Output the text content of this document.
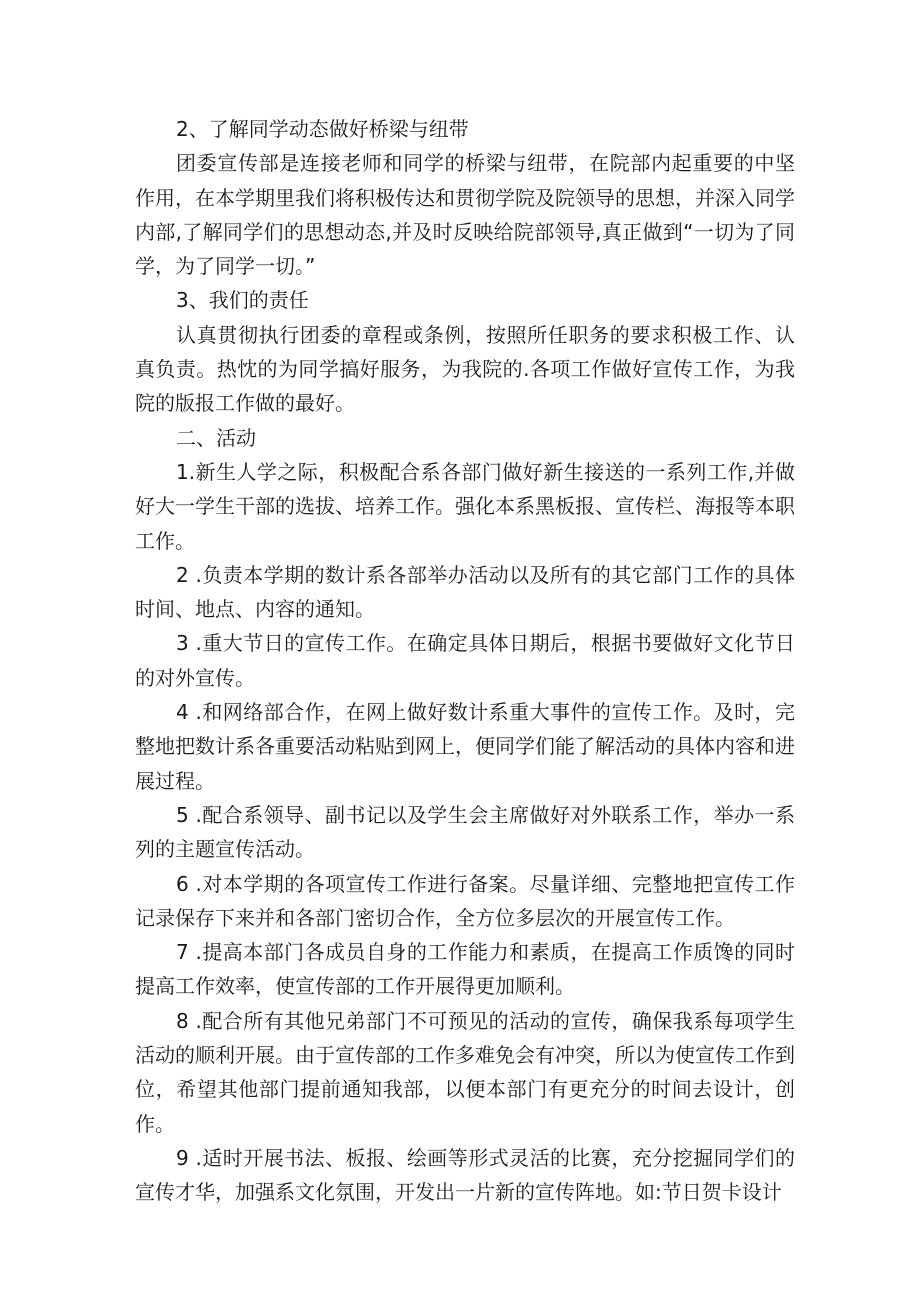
2、了解同学动态做好桥梁与纽带

团委宣传部是连接老师和同学的桥梁与纽带，在院部内起重要的中坚作用，在本学期里我们将积极传达和贯彻学院及院领导的思想，并深入同学内部,了解同学们的思想动态,并及时反映给院部领导,真正做到“一切为了同学，为了同学一切。”

3、我们的责任

认真贯彻执行团委的章程或条例，按照所任职务的要求积极工作、认真负责。热忱的为同学搞好服务，为我院的.各项工作做好宣传工作，为我院的版报工作做的最好。

二、活动

1.新生人学之际，积极配合系各部门做好新生接送的一系列工作,并做好大一学生干部的选拔、培养工作。强化本系黑板报、宣传栏、海报等本职工作。

2 .负责本学期的数计系各部举办活动以及所有的其它部门工作的具体时间、地点、内容的通知。

3 .重大节日的宣传工作。在确定具体日期后，根据书要做好文化节日的对外宣传。

4 .和网络部合作，在网上做好数计系重大事件的宣传工作。及时，完整地把数计系各重要活动粘贴到网上，便同学们能了解活动的具体内容和进展过程。

5 .配合系领导、副书记以及学生会主席做好对外联系工作，举办一系列的主题宣传活动。

6 .对本学期的各项宣传工作进行备案。尽量详细、完整地把宣传工作记录保存下来并和各部门密切合作，全方位多层次的开展宣传工作。

7 .提高本部门各成员自身的工作能力和素质，在提高工作质馋的同时提高工作效率，使宣传部的工作开展得更加顺利。

8 .配合所有其他兄弟部门不可预见的活动的宣传，确保我系每项学生活动的顺利开展。由于宣传部的工作多难免会有冲突，所以为使宣传工作到位，希望其他部门提前通知我部，以便本部门有更充分的时间去设计，创作。

9 .适时开展书法、板报、绘画等形式灵活的比赛，充分挖掘同学们的宣传才华，加强系文化氛围，开发出一片新的宣传阵地。如:节日贺卡设计
